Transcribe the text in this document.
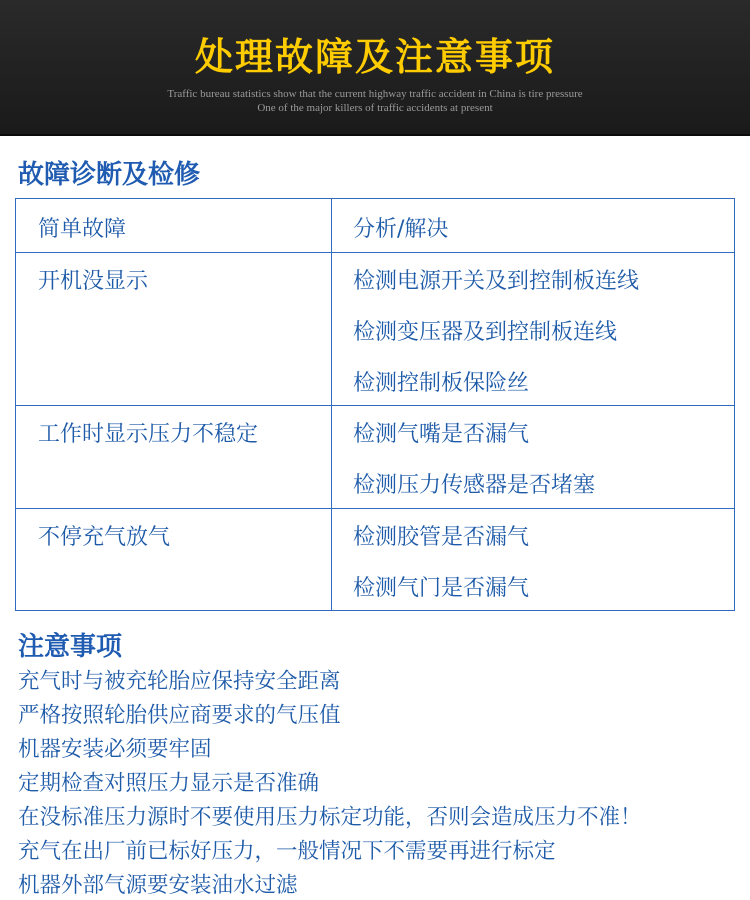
处理故障及注意事项
Traffic bureau statistics show that the current highway traffic accident in China is tire pressure
One of the major killers of traffic accidents at present
故障诊断及检修
简单故障	分析/解决
开机没显示	检测电源开关及到控制板连线
检测变压器及到控制板连线
检测控制板保险丝
工作时显示压力不稳定	检测气嘴是否漏气
检测压力传感器是否堵塞
不停充气放气	检测胶管是否漏气
检测气门是否漏气
注意事项
充气时与被充轮胎应保持安全距离
严格按照轮胎供应商要求的气压值
机器安装必须要牢固
定期检查对照压力显示是否准确
在没标准压力源时不要使用压力标定功能，否则会造成压力不准！
充气在出厂前已标好压力，一般情况下不需要再进行标定
机器外部气源要安装油水过滤
